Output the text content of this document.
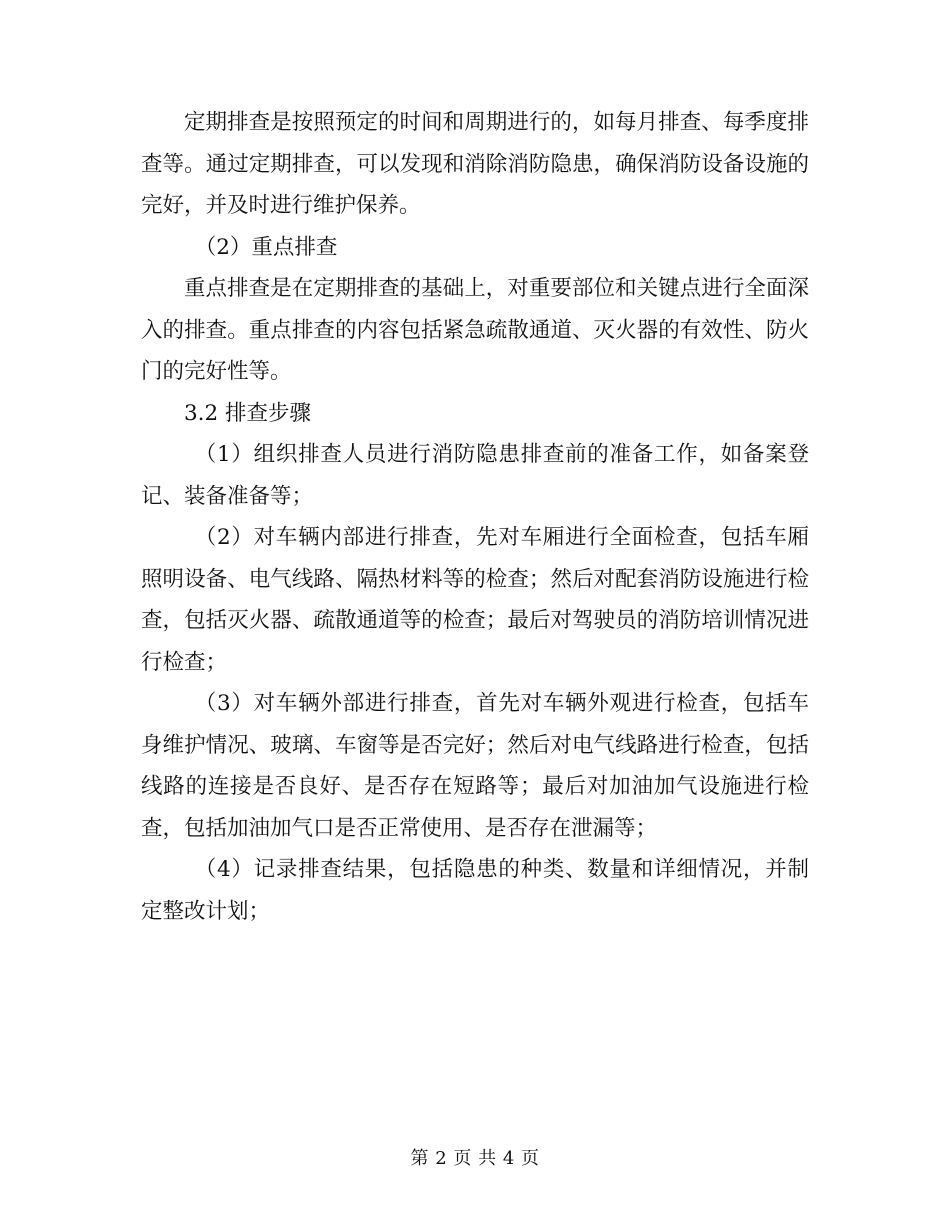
定期排查是按照预定的时间和周期进行的，如每月排查、每季度排查等。通过定期排查，可以发现和消除消防隐患，确保消防设备设施的完好，并及时进行维护保养。

（2）重点排查

重点排查是在定期排查的基础上，对重要部位和关键点进行全面深入的排查。重点排查的内容包括紧急疏散通道、灭火器的有效性、防火门的完好性等。

3.2 排查步骤

（1）组织排查人员进行消防隐患排查前的准备工作，如备案登记、装备准备等；

（2）对车辆内部进行排查，先对车厢进行全面检查，包括车厢照明设备、电气线路、隔热材料等的检查；然后对配套消防设施进行检查，包括灭火器、疏散通道等的检查；最后对驾驶员的消防培训情况进行检查；

（3）对车辆外部进行排查，首先对车辆外观进行检查，包括车身维护情况、玻璃、车窗等是否完好；然后对电气线路进行检查，包括线路的连接是否良好、是否存在短路等；最后对加油加气设施进行检查，包括加油加气口是否正常使用、是否存在泄漏等；

（4）记录排查结果，包括隐患的种类、数量和详细情况，并制定整改计划；

第 2 页 共 4 页
